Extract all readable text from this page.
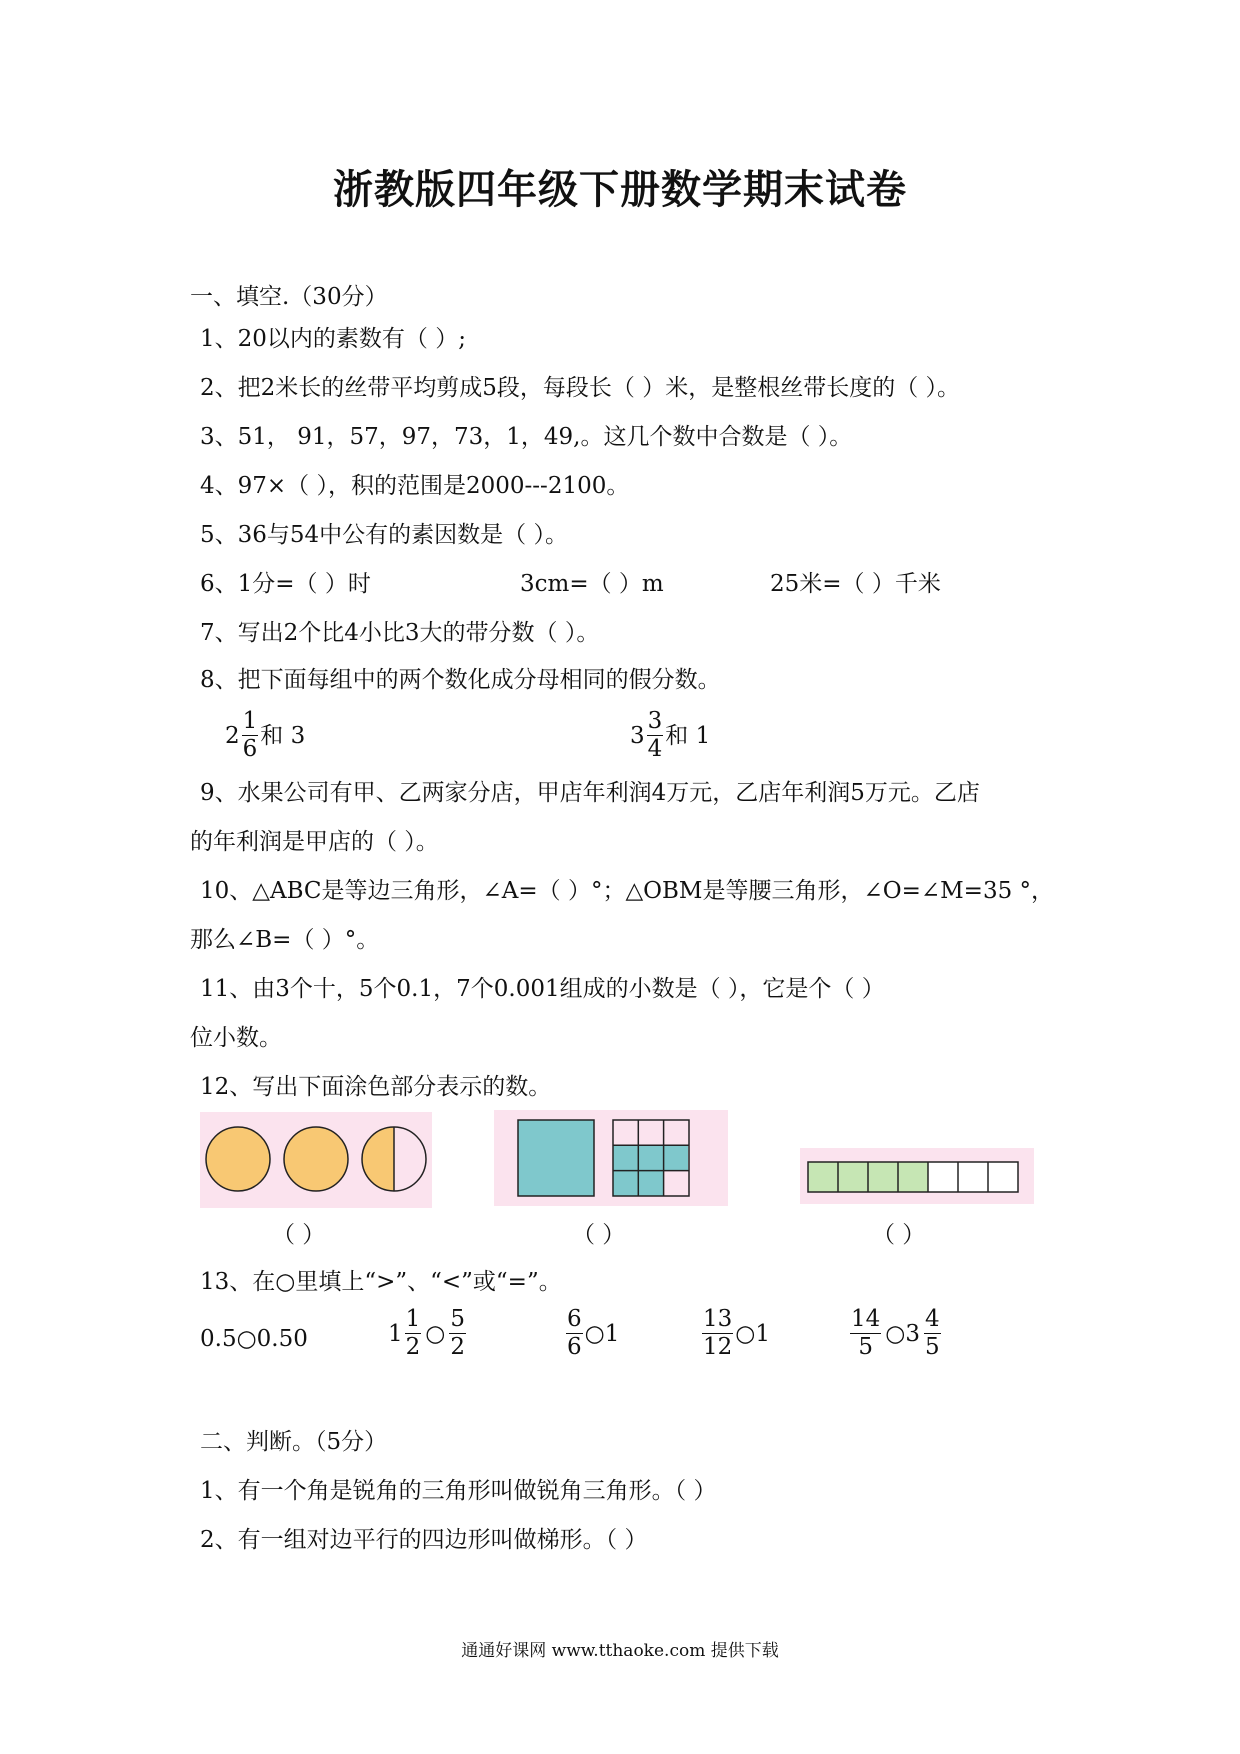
浙教版四年级下册数学期末试卷
一、填空.（30分）
1、20以内的素数有（ ）;
2、把2米长的丝带平均剪成5段，每段长（ ）米，是整根丝带长度的（ ）。
3、51， 91，57，97，73，1，49,。这几个数中合数是（ ）。
4、97×（ ），积的范围是2000---2100。
5、36与54中公有的素因数是（ ）。
6、1分=（ ）时	3cm=（ ）m	25米=（ ）千米
7、写出2个比4小比3大的带分数（ ）。
8、把下面每组中的两个数化成分母相同的假分数。
$2 \frac{1}{6}$ 和 3	$3 \frac{3}{4}$ 和 1
9、水果公司有甲、乙两家分店，甲店年利润4万元，乙店年利润5万元。乙店
的年利润是甲店的（ ）。
10、△ABC是等边三角形，∠A=（ ）°；△OBM是等腰三角形，∠O=∠M=35 °，
那么∠B=（ ）°。
11、由3个十，5个0.1，7个0.001组成的小数是（ ），它是个（ ）
位小数。
12、写出下面涂色部分表示的数。
（ ）	（ ）	（ ）
13、在○里填上“>”、“<”或“=”。
0.5○0.50	$1 \frac{1}{2}$ ○ $\frac{5}{2}$	$\frac{6}{6}$ ○1	$\frac{13}{12}$ ○1	$\frac{14}{5}$ ○3 $\frac{4}{5}$
二、判断。（5分）
1、有一个角是锐角的三角形叫做锐角三角形。（ ）
2、有一组对边平行的四边形叫做梯形。（ ）
通通好课网 www.tthaoke.com 提供下载
